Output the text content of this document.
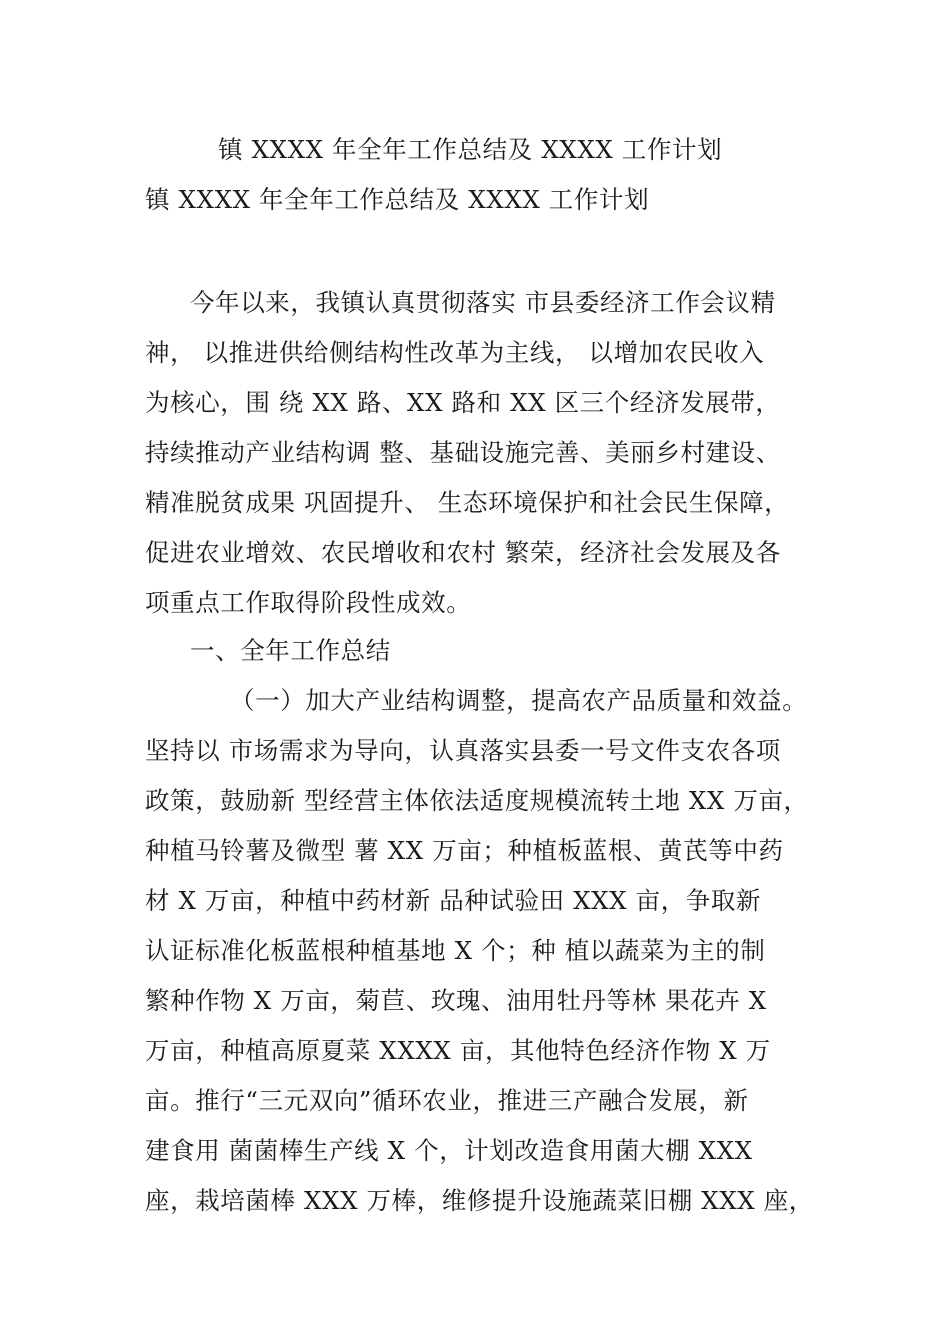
镇 XXXX 年全年工作总结及 XXXX 工作计划
镇 XXXX 年全年工作总结及 XXXX 工作计划
今年以来，我镇认真贯彻落实 市县委经济工作会议精
神， 以推进供给侧结构性改革为主线， 以增加农民收入
为核心，围 绕 XX 路、XX 路和 XX 区三个经济发展带，
持续推动产业结构调 整、基础设施完善、美丽乡村建设、
精准脱贫成果 巩固提升、 生态环境保护和社会民生保障，
促进农业增效、农民增收和农村 繁荣，经济社会发展及各
项重点工作取得阶段性成效。
一、全年工作总结
（一）加大产业结构调整，提高农产品质量和效益。
坚持以 市场需求为导向，认真落实县委一号文件支农各项
政策，鼓励新 型经营主体依法适度规模流转土地 XX 万亩，
种植马铃薯及微型 薯 XX 万亩；种植板蓝根、黄芪等中药
材 X 万亩，种植中药材新 品种试验田 XXX 亩，争取新
认证标准化板蓝根种植基地 X 个；种 植以蔬菜为主的制
繁种作物 X 万亩，菊苣、玫瑰、油用牡丹等林 果花卉 X
万亩，种植高原夏菜 XXXX 亩，其他特色经济作物 X 万
亩。推行“三元双向”循环农业，推进三产融合发展，新
建食用 菌菌棒生产线 X 个，计划改造食用菌大棚 XXX
座，栽培菌棒 XXX 万棒，维修提升设施蔬菜旧棚 XXX 座，
